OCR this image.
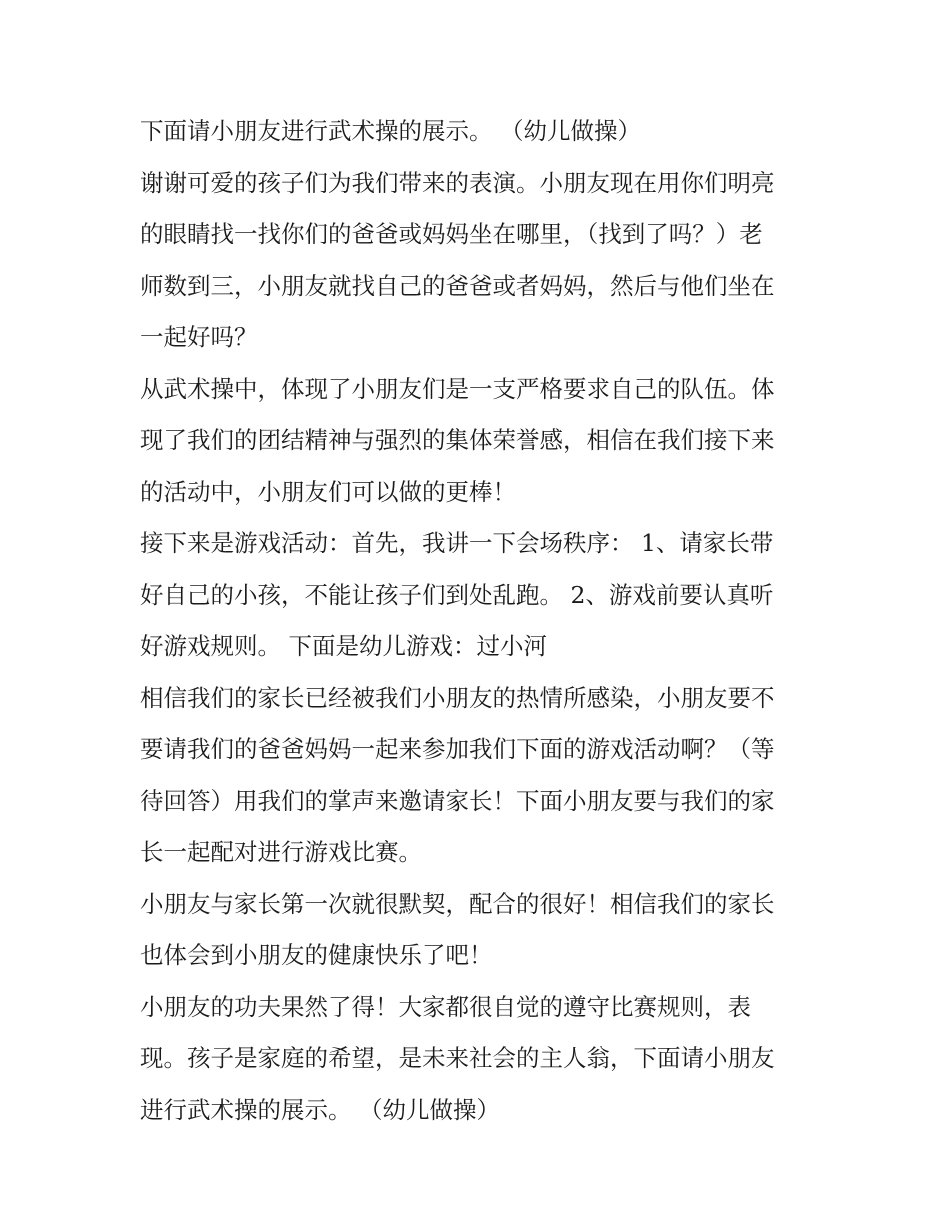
下面请小朋友进行武术操的展示。 （幼儿做操）
谢谢可爱的孩子们为我们带来的表演。小朋友现在用你们明亮
的眼睛找一找你们的爸爸或妈妈坐在哪里，（找到了吗？）老
师数到三，小朋友就找自己的爸爸或者妈妈，然后与他们坐在
一起好吗？
从武术操中，体现了小朋友们是一支严格要求自己的队伍。体
现了我们的团结精神与强烈的集体荣誉感，相信在我们接下来
的活动中，小朋友们可以做的更棒！
接下来是游戏活动：首先，我讲一下会场秩序： 1、请家长带
好自己的小孩，不能让孩子们到处乱跑。 2、游戏前要认真听
好游戏规则。 下面是幼儿游戏：过小河
相信我们的家长已经被我们小朋友的热情所感染，小朋友要不
要请我们的爸爸妈妈一起来参加我们下面的游戏活动啊？（等
待回答）用我们的掌声来邀请家长！下面小朋友要与我们的家
长一起配对进行游戏比赛。
小朋友与家长第一次就很默契，配合的很好！相信我们的家长
也体会到小朋友的健康快乐了吧！
小朋友的功夫果然了得！大家都很自觉的遵守比赛规则，表
现。孩子是家庭的希望，是未来社会的主人翁，下面请小朋友
进行武术操的展示。 （幼儿做操）
